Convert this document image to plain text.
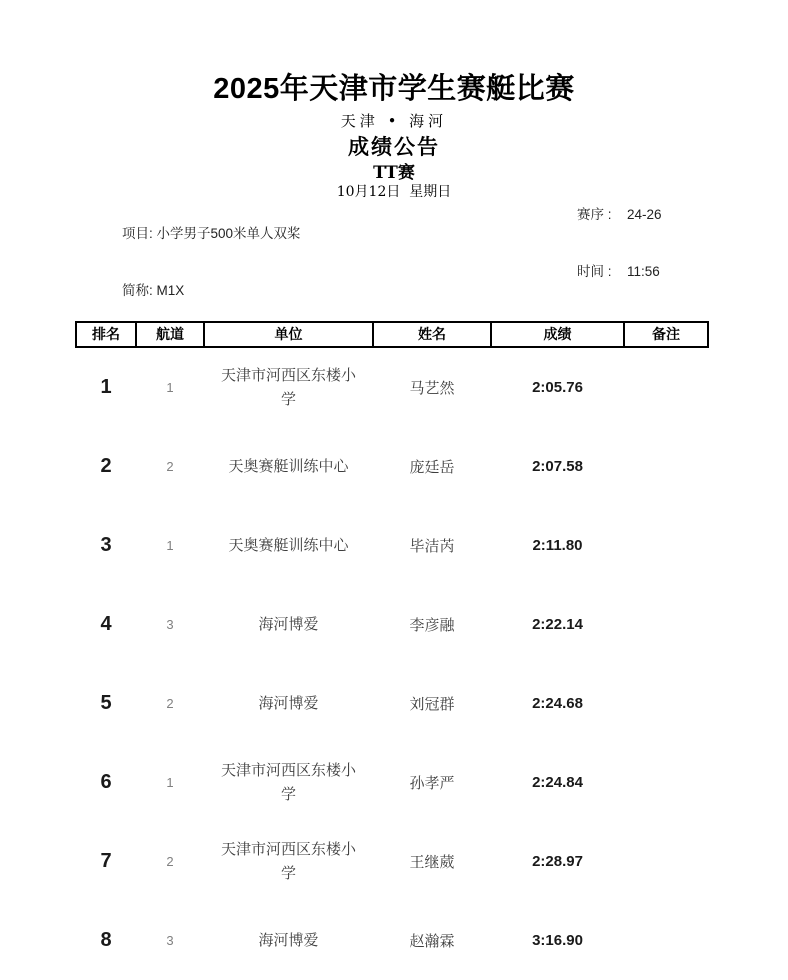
2025年天津市学生赛艇比赛
天津 • 海河
成绩公告
TT赛
10月12日  星期日

项目: 小学男子500米单人双桨

赛序 : 24-26

简称: M1X

时间 : 11:56
排名	航道	单位	姓名	成绩	备注
1	1	天津市河西区东楼小学	马艺然	2:05.76	
2	2	天奥赛艇训练中心	庞廷岳	2:07.58	
3	1	天奥赛艇训练中心	毕洁芮	2:11.80	
4	3	海河博爱	李彦融	2:22.14	
5	2	海河博爱	刘冠群	2:24.68	
6	1	天津市河西区东楼小学	孙孝严	2:24.84	
7	2	天津市河西区东楼小学	王继葳	2:28.97	
8	3	海河博爱	赵瀚霖	3:16.90	
